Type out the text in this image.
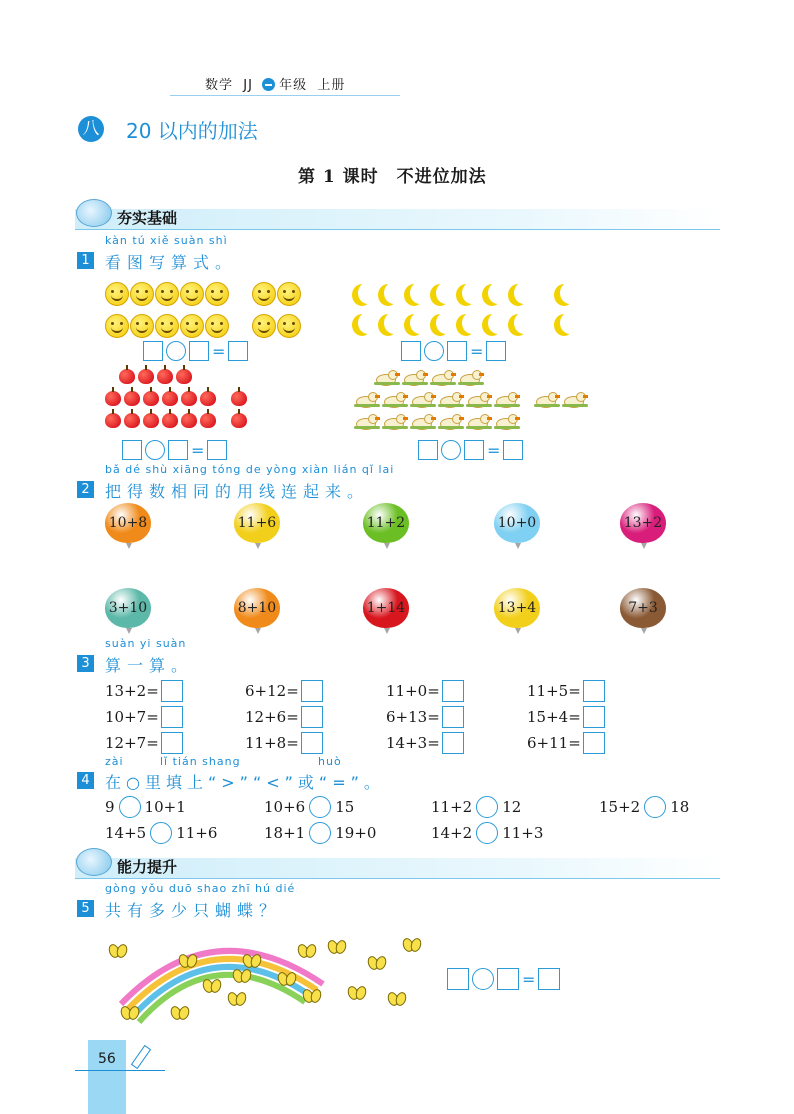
数学 JJ 年级 上册
八 20 以内的加法
第 1 课时　不进位加法
夯实基础
kàn tú xiě suàn shì
1 看图写算式。
=	=
=	=
bǎ dé shù xiāng tóng de yòng xiàn lián qǐ lai
2 把得数相同的用线连起来。
10+8	11+6	11+2	10+0	13+2
3+10	8+10	1+14	13+4	7+3
suàn yi suàn
3 算一算。
13+2=	6+12=	11+0=	11+5=
10+7=	12+6=	6+13=	15+4=
12+7=	11+8=	14+3=	6+11=
zài	lǐ tián shang	huò
4 在○里填上“>”“<”或“=”。
9 10+1	10+6 15	11+2 12	15+2 18
14+5 11+6	18+1 19+0	14+2 11+3
能力提升
gòng yǒu duō shao zhī hú dié
5 共有多少只蝴蝶？
=
56
